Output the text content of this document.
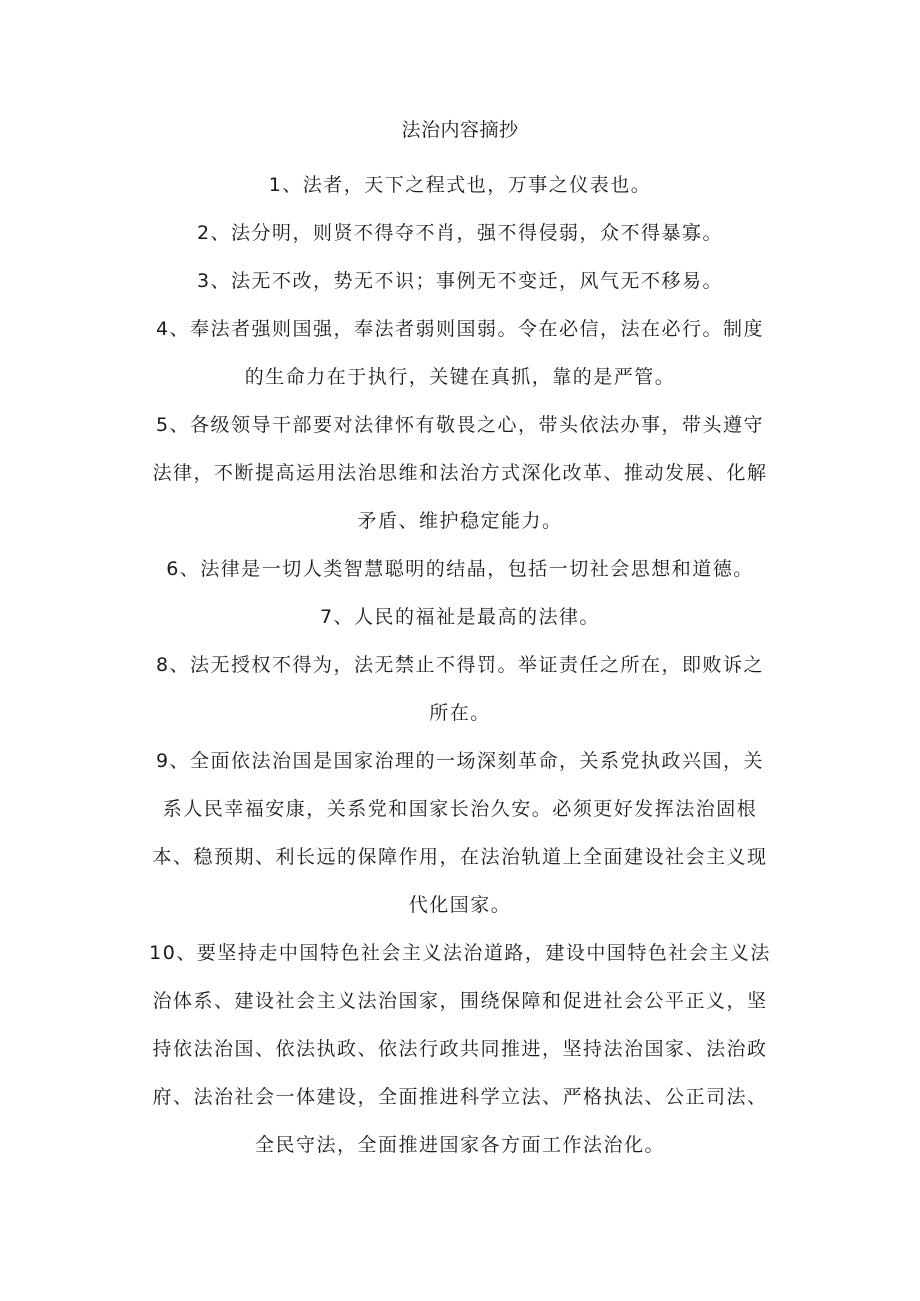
法治内容摘抄

1、法者，天下之程式也，万事之仪表也。

2、法分明，则贤不得夺不肖，强不得侵弱，众不得暴寡。

3、法无不改，势无不识；事例无不变迁，风气无不移易。

4、奉法者强则国强，奉法者弱则国弱。令在必信，法在必行。制度的生命力在于执行，关键在真抓，靠的是严管。

5、各级领导干部要对法律怀有敬畏之心，带头依法办事，带头遵守法律，不断提高运用法治思维和法治方式深化改革、推动发展、化解矛盾、维护稳定能力。

6、法律是一切人类智慧聪明的结晶，包括一切社会思想和道德。

7、人民的福祉是最高的法律。

8、法无授权不得为，法无禁止不得罚。举证责任之所在，即败诉之所在。

9、全面依法治国是国家治理的一场深刻革命，关系党执政兴国，关系人民幸福安康，关系党和国家长治久安。必须更好发挥法治固根本、稳预期、利长远的保障作用，在法治轨道上全面建设社会主义现代化国家。

10、要坚持走中国特色社会主义法治道路，建设中国特色社会主义法治体系、建设社会主义法治国家，围绕保障和促进社会公平正义，坚持依法治国、依法执政、依法行政共同推进，坚持法治国家、法治政府、法治社会一体建设，全面推进科学立法、严格执法、公正司法、全民守法，全面推进国家各方面工作法治化。
